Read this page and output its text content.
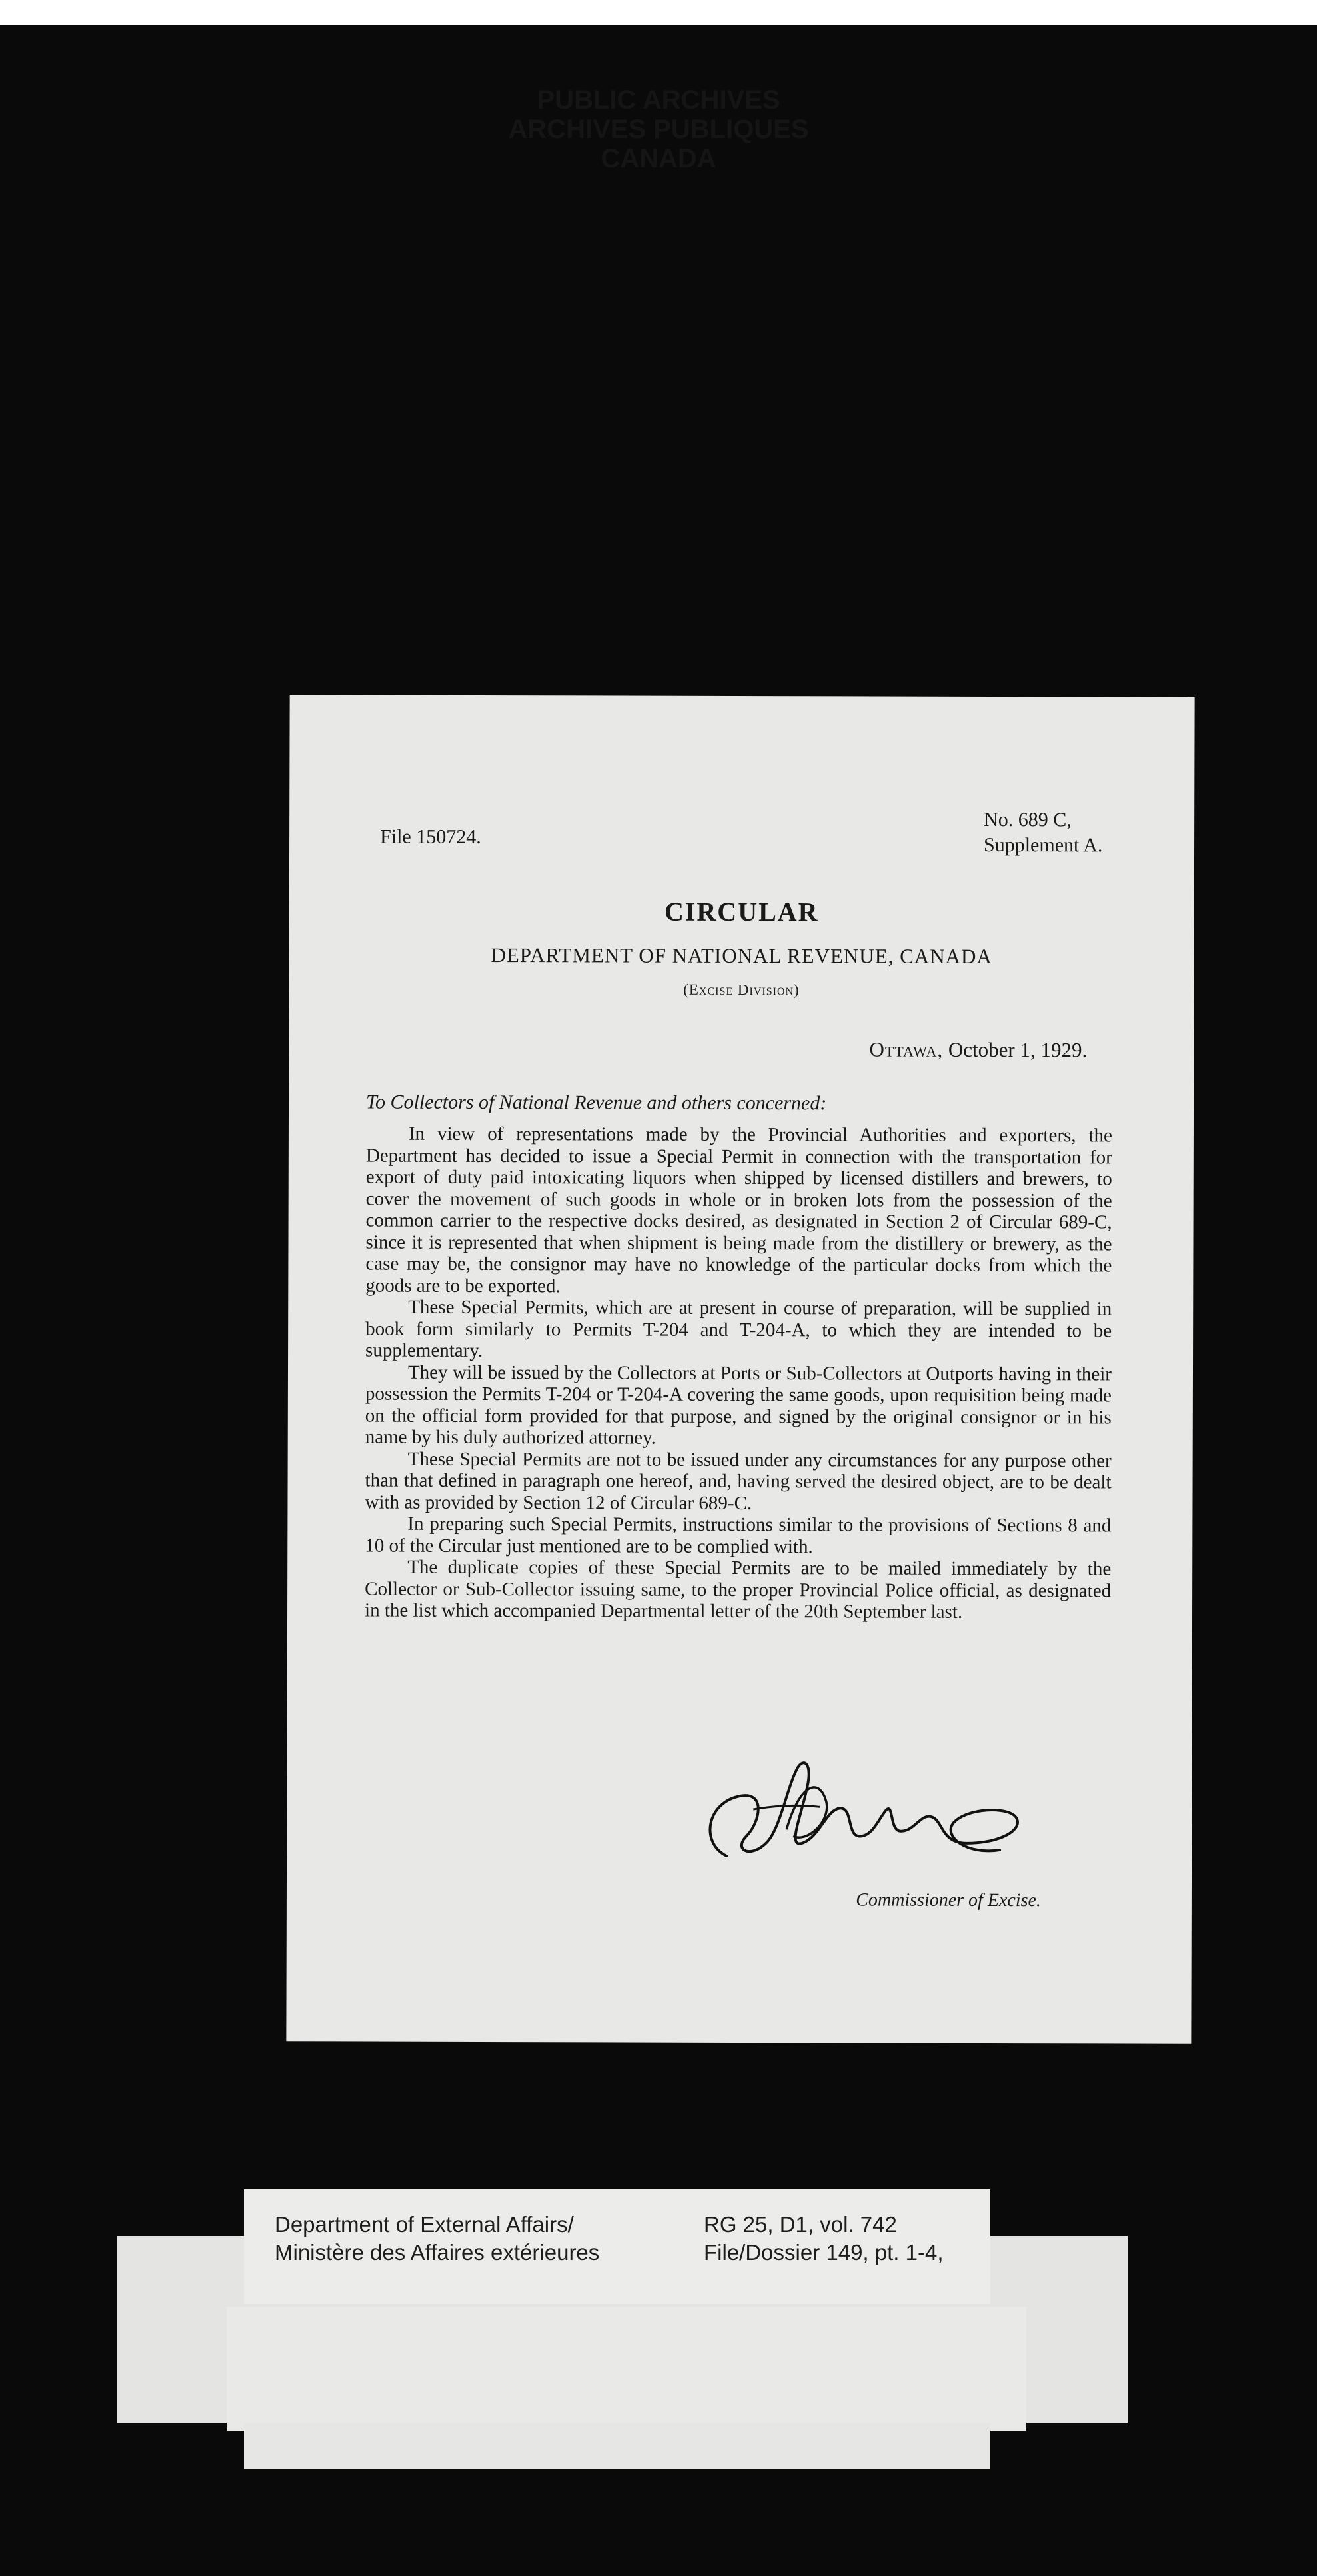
File 150724.

No. 689 C,
Supplement A.

CIRCULAR

DEPARTMENT OF NATIONAL REVENUE, CANADA

(Excise Division)

Ottawa, October 1, 1929.

To Collectors of National Revenue and others concerned:

In view of representations made by the Provincial Authorities and exporters, the Department has decided to issue a Special Permit in connection with the transportation for export of duty paid intoxicating liquors when shipped by licensed distillers and brewers, to cover the movement of such goods in whole or in broken lots from the possession of the common carrier to the respective docks desired, as designated in Section 2 of Circular 689-C, since it is represented that when shipment is being made from the distillery or brewery, as the case may be, the consignor may have no knowledge of the particular docks from which the goods are to be exported.

These Special Permits, which are at present in course of preparation, will be supplied in book form similarly to Permits T-204 and T-204-A, to which they are intended to be supplementary.

They will be issued by the Collectors at Ports or Sub-Collectors at Outports having in their possession the Permits T-204 or T-204-A covering the same goods, upon requisition being made on the official form provided for that purpose, and signed by the original consignor or in his name by his duly authorized attorney.

These Special Permits are not to be issued under any circumstances for any purpose other than that defined in paragraph one hereof, and, having served the desired object, are to be dealt with as provided by Section 12 of Circular 689-C.

In preparing such Special Permits, instructions similar to the provisions of Sections 8 and 10 of the Circular just mentioned are to be complied with.

The duplicate copies of these Special Permits are to be mailed immediately by the Collector or Sub-Collector issuing same, to the proper Provincial Police official, as designated in the list which accompanied Departmental letter of the 20th September last.

Commissioner of Excise.

Department of External Affairs/
Ministère des Affaires extérieures
RG 25, D1, vol. 742
File/Dossier 149, pt. 1-4,
PUBLIC ARCHIVES
ARCHIVES PUBLIQUES
CANADA
